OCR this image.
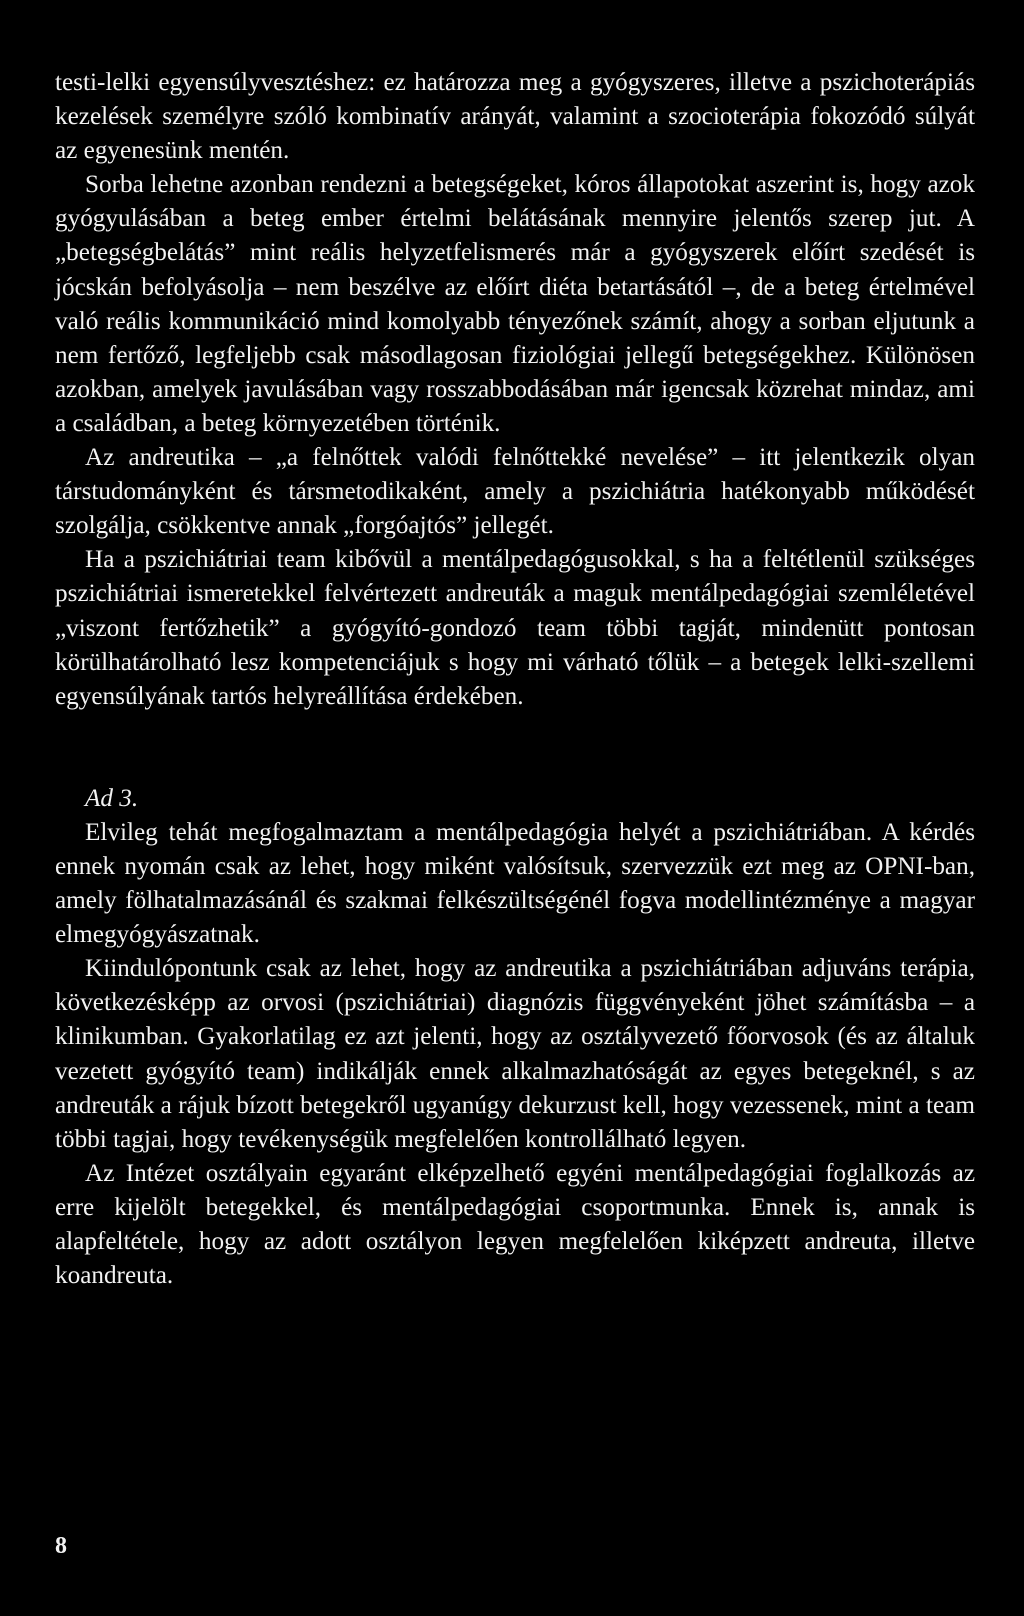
testi-lelki egyensúlyvesztéshez: ez határozza meg a gyógyszeres, illetve a pszichoterápiás kezelések személyre szóló kombinatív arányát, valamint a szocioterápia fokozódó súlyát az egyenesünk mentén.

Sorba lehetne azonban rendezni a betegségeket, kóros állapotokat aszerint is, hogy azok gyógyulásában a beteg ember értelmi belátásának mennyire jelentős szerep jut. A „betegségbelátás” mint reális helyzetfelismerés már a gyógyszerek előírt szedését is jócskán befolyásolja – nem beszélve az előírt diéta betartásától –, de a beteg értelmével való reális kommunikáció mind komolyabb tényezőnek számít, ahogy a sorban eljutunk a nem fertőző, legfeljebb csak másodlagosan fiziológiai jellegű betegségekhez. Különösen azokban, amelyek javulásában vagy rosszabbodásában már igencsak közrehat mindaz, ami a családban, a beteg környezetében történik.

Az andreutika – „a felnőttek valódi felnőttekké nevelése” – itt jelentkezik olyan társtudományként és társmetodikaként, amely a pszichiátria hatékonyabb működését szolgálja, csökkentve annak „forgóajtós” jellegét.

Ha a pszichiátriai team kibővül a mentálpedagógusokkal, s ha a feltétlenül szükséges pszichiátriai ismeretekkel felvértezett andreuták a maguk mentálpedagógiai szemléletével „viszont fertőzhetik” a gyógyító-gondozó team többi tagját, mindenütt pontosan körülhatárolható lesz kompetenciájuk s hogy mi várható tőlük – a betegek lelki-szellemi egyensúlyának tartós helyreállítása érdekében.

Ad 3.

Elvileg tehát megfogalmaztam a mentálpedagógia helyét a pszichiátriában. A kérdés ennek nyomán csak az lehet, hogy miként valósítsuk, szervezzük ezt meg az OPNI-ban, amely fölhatalmazásánál és szakmai felkészültségénél fogva modellintézménye a magyar elmegyógyászatnak.

Kiindulópontunk csak az lehet, hogy az andreutika a pszichiátriában adjuváns terápia, következésképp az orvosi (pszichiátriai) diagnózis függvényeként jöhet számításba – a klinikumban. Gyakorlatilag ez azt jelenti, hogy az osztályvezető főorvosok (és az általuk vezetett gyógyító team) indikálják ennek alkalmazhatóságát az egyes betegeknél, s az andreuták a rájuk bízott betegekről ugyanúgy dekurzust kell, hogy vezessenek, mint a team többi tagjai, hogy tevékenységük megfelelően kontrollálható legyen.

Az Intézet osztályain egyaránt elképzelhető egyéni mentálpedagógiai foglalkozás az erre kijelölt betegekkel, és mentálpedagógiai csoportmunka. Ennek is, annak is alapfeltétele, hogy az adott osztályon legyen megfelelően kiképzett andreuta, illetve koandreuta.

8
